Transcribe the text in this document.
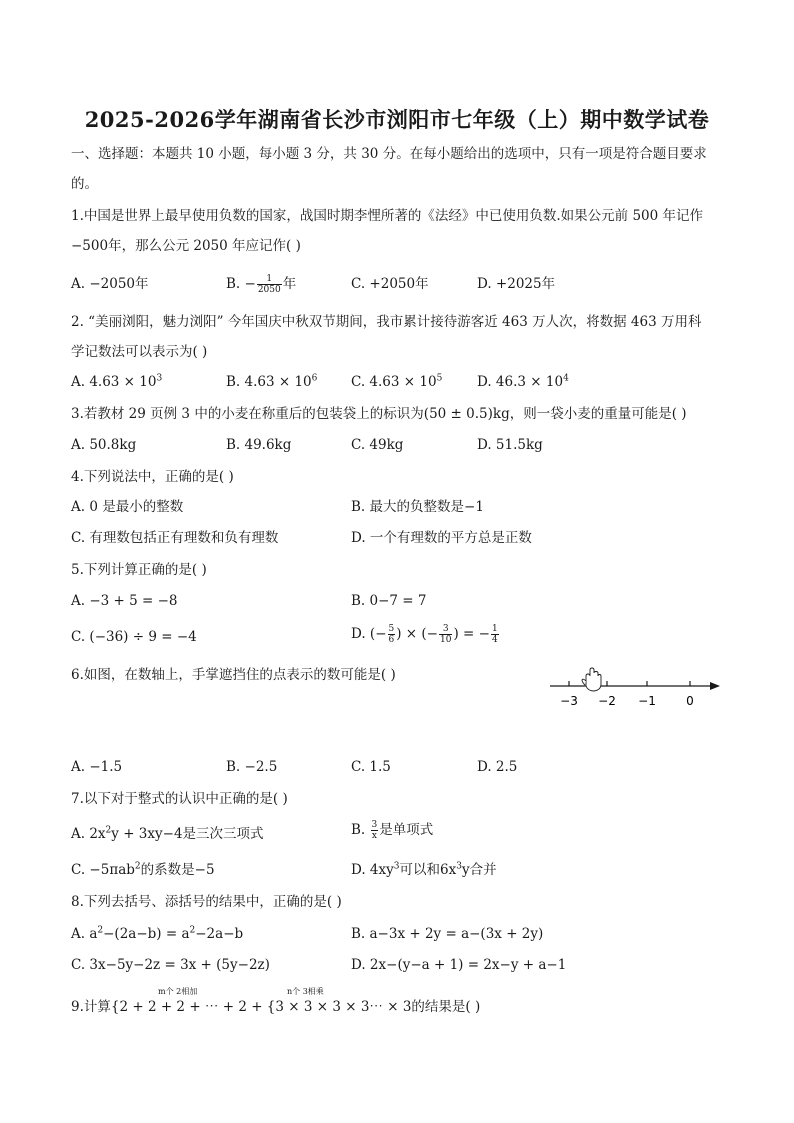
2025-2026学年湖南省长沙市浏阳市七年级（上）期中数学试卷
一、选择题：本题共 10 小题，每小题 3 分，共 30 分。在每小题给出的选项中，只有一项是符合题目要求
的。
1.中国是世界上最早使用负数的国家，战国时期李悝所著的《法经》中已使用负数.如果公元前 500 年记作
−500年，那么公元 2050 年应记作( )
A. −2050年	B. − $\frac{1}{2050}$ 年	C. +2050年	D. +2025年
2. “美丽浏阳，魅力浏阳” 今年国庆中秋双节期间，我市累计接待游客近 463 万人次，将数据 463 万用科
学记数法可以表示为( )
A. $4.63 \times 10^3$	B. $4.63 \times 10^6$ C. $4.63 \times 10^5$	D. $46.3 \times 10^4$
3.若教材 29 页例 3 中的小麦在称重后的包装袋上的标识为(50 ± 0.5)kg，则一袋小麦的重量可能是( )
A. 50.8kg	B. 49.6kg	C. 49kg	D. 51.5kg
4.下列说法中，正确的是( )
A. 0 是最小的整数	B. 最大的负整数是−1
C. 有理数包括正有理数和负有理数	D. 一个有理数的平方总是正数
5.下列计算正确的是( )
A. −3 + 5 = −8	B. 0−7 = 7
C. (−36) ÷ 9 = −4	D. (− $\frac{5}{6}$ ) × (− $\frac{3}{10}$ ) = − $\frac{1}{4}$
6.如图，在数轴上，手掌遮挡住的点表示的数可能是( )
−3 −2 −1	0
A. −1.5	B. −2.5	C. 1.5	D. 2.5
7.以下对于整式的认识中正确的是( )
A. $2x^2y + 3xy-4$是三次三项式	B. $\frac{3}{x}$ 是单项式
C. −5πab$^2$的系数是−5	D. $4xy^3$可以和$6x^3y$合并
8.下列去括号、添括号的结果中，正确的是( )
A. $a^2-(2a-b) = a^2-2a-b$	B. a−3x + 2y = a−(3x + 2y)
C. 3x−5y−2z = 3x + (5y−2z)	D. 2x−(y−a + 1) = 2x−y + a−1
m个 2相加	n个 3相乘
9.计算{2 + 2 + 2 + ⋯ + 2 + {3 × 3 × 3 × 3⋯ × 3的结果是( )
